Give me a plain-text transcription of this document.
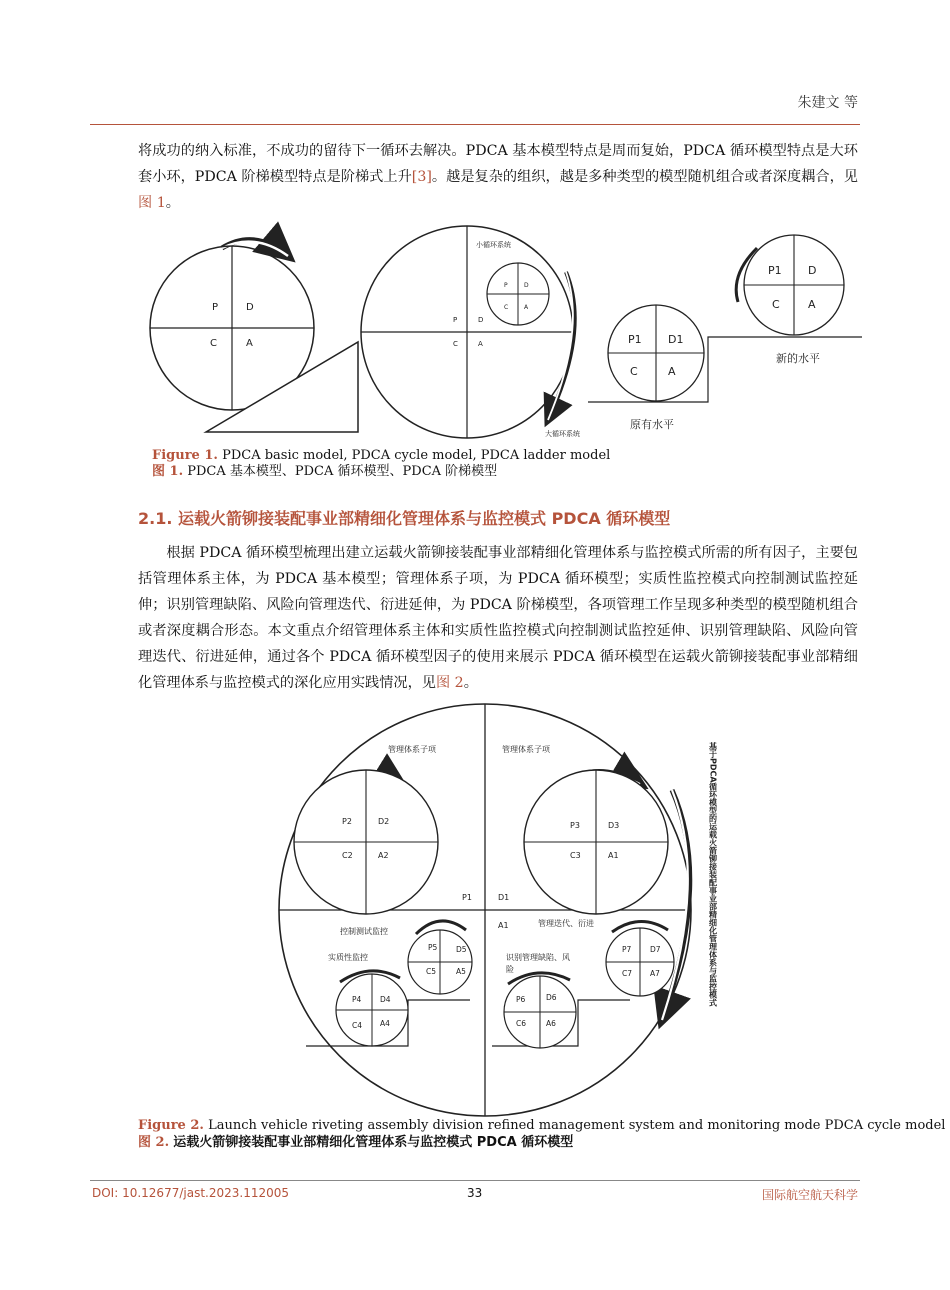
朱建文 等

将成功的纳入标准，不成功的留待下一循环去解决。PDCA 基本模型特点是周而复始，PDCA 循环模型特点是大环套小环，PDCA 阶梯模型特点是阶梯式上升[3]。越是复杂的组织，越是多种类型的模型随机组合或者深度耦合，见图 1。

P	D
C	A
小循环系统
大循环系统
P	D
C	A
P	D
C	A
P1 D1
C	A
P1 D
C	A
原有水平
新的水平
Figure 1. PDCA basic model, PDCA cycle model, PDCA ladder model
图 1. PDCA 基本模型、PDCA 循环模型、PDCA 阶梯模型
2.1. 运载火箭铆接装配事业部精细化管理体系与监控模式 PDCA 循环模型

根据 PDCA 循环模型梳理出建立运载火箭铆接装配事业部精细化管理体系与监控模式所需的所有因子，主要包括管理体系主体，为 PDCA 基本模型；管理体系子项，为 PDCA 循环模型；实质性监控模式向控制测试监控延伸；识别管理缺陷、风险向管理迭代、衍进延伸，为 PDCA 阶梯模型，各项管理工作呈现多种类型的模型随机组合或者深度耦合形态。本文重点介绍管理体系主体和实质性监控模式向控制测试监控延伸、识别管理缺陷、风险向管理迭代、衍进延伸，通过各个 PDCA 循环模型因子的使用来展示 PDCA 循环模型在运载火箭铆接装配事业部精细化管理体系与监控模式的深化应用实践情况，见图 2。

管理体系子项	管理体系子项
P2	D2
C2	A2
P3	D3
C3	A1
P1	D1
A1
控制测试监控
实质性监控
P5 D5
C5	A5
P4 D4
C4 A4
管理迭代、衍进
识别管理缺陷、风
险
P7 D7
C7 A7
P6	D6
C6	A6
基于PDCA循环模型的运载火箭铆接装配事业部精细化管理体系与监控模式
Figure 2. Launch vehicle riveting assembly division refined management system and monitoring mode PDCA cycle model
图 2. 运载火箭铆接装配事业部精细化管理体系与监控模式 PDCA 循环模型
DOI: 10.12677/jast.2023.112005	33	国际航空航天科学
